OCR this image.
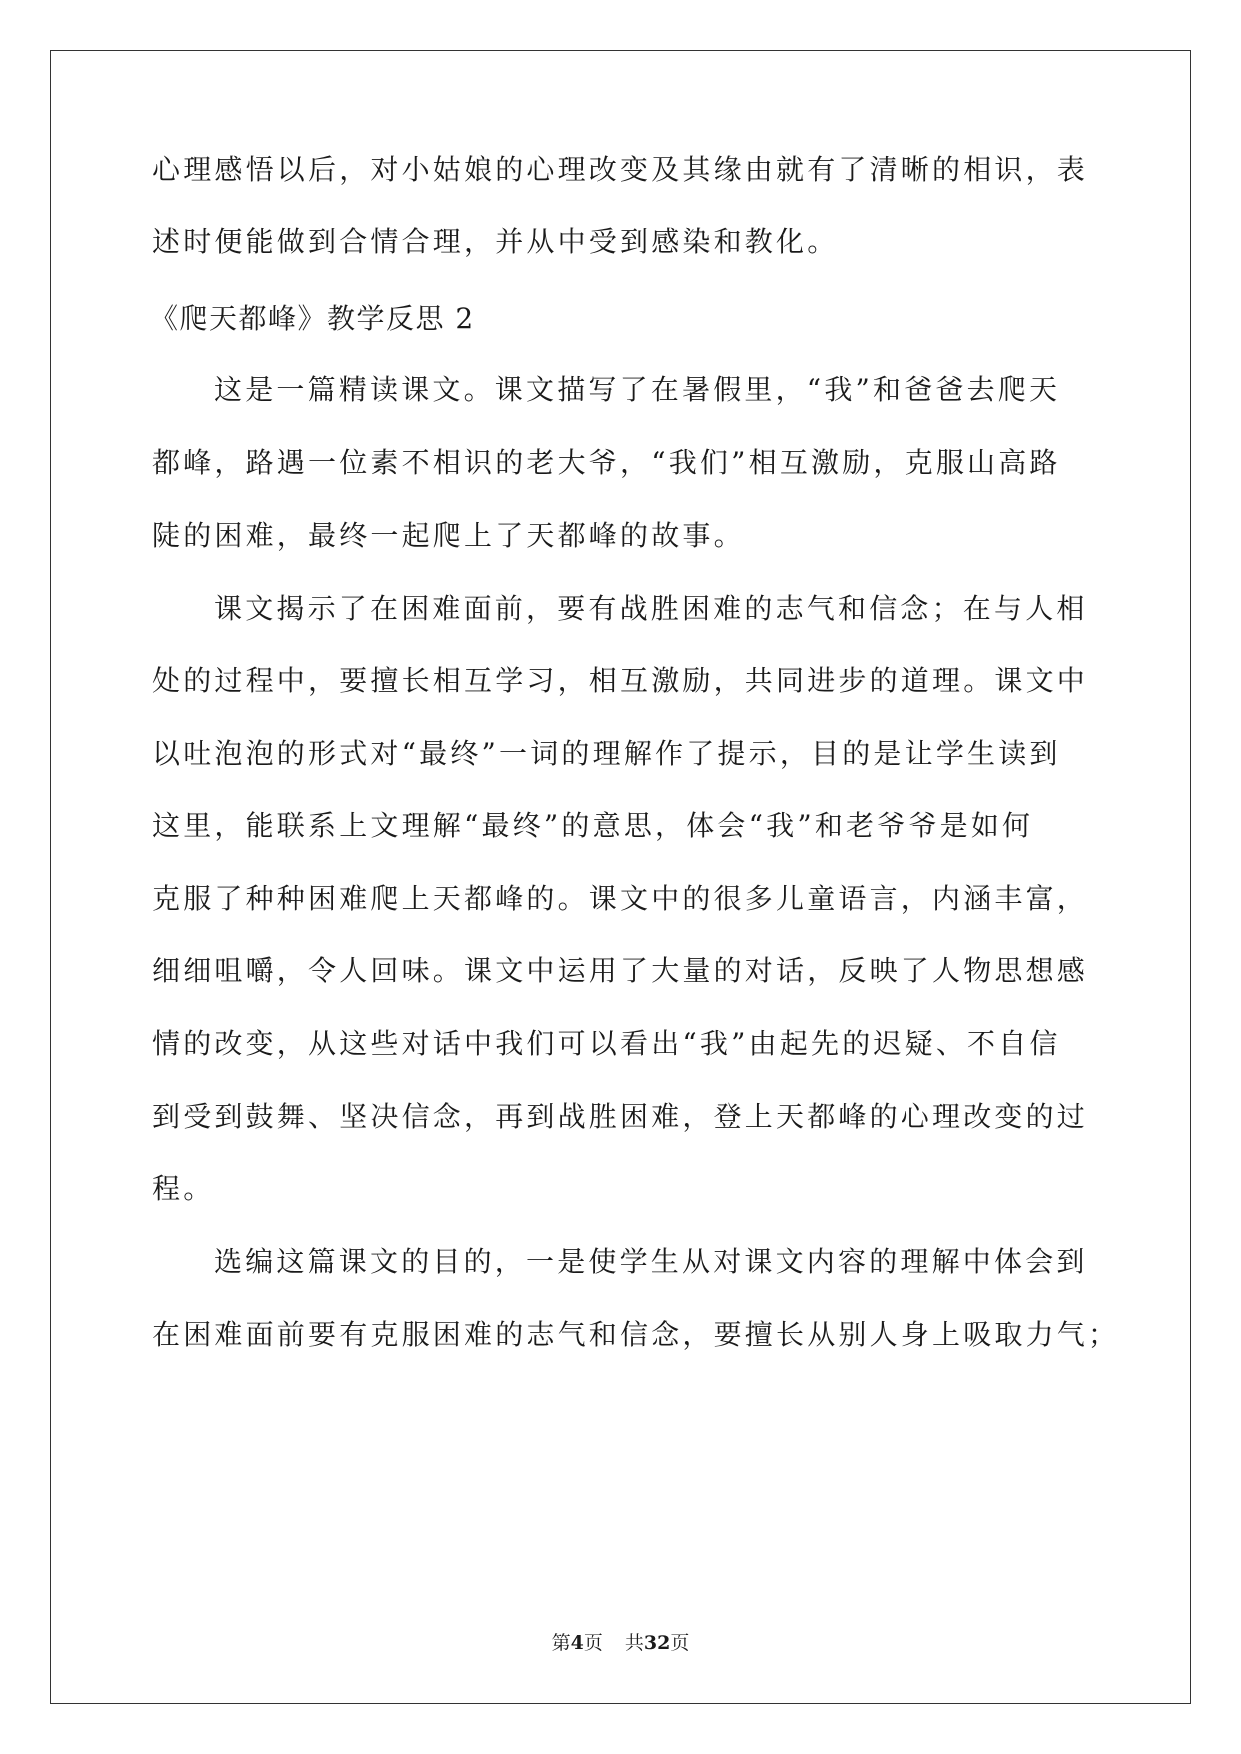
心理感悟以后，对小姑娘的心理改变及其缘由就有了清晰的相识，表
述时便能做到合情合理，并从中受到感染和教化。
《爬天都峰》教学反思 2
这是一篇精读课文。课文描写了在暑假里，“我”和爸爸去爬天
都峰，路遇一位素不相识的老大爷，“我们”相互激励，克服山高路
陡的困难，最终一起爬上了天都峰的故事。
课文揭示了在困难面前，要有战胜困难的志气和信念；在与人相
处的过程中，要擅长相互学习，相互激励，共同进步的道理。课文中
以吐泡泡的形式对“最终”一词的理解作了提示，目的是让学生读到
这里，能联系上文理解“最终”的意思，体会“我”和老爷爷是如何
克服了种种困难爬上天都峰的。课文中的很多儿童语言，内涵丰富，
细细咀嚼，令人回味。课文中运用了大量的对话，反映了人物思想感
情的改变，从这些对话中我们可以看出“我”由起先的迟疑、不自信
到受到鼓舞、坚决信念，再到战胜困难，登上天都峰的心理改变的过
程。
选编这篇课文的目的，一是使学生从对课文内容的理解中体会到
在困难面前要有克服困难的志气和信念，要擅长从别人身上吸取力气；
第4页 共32页
